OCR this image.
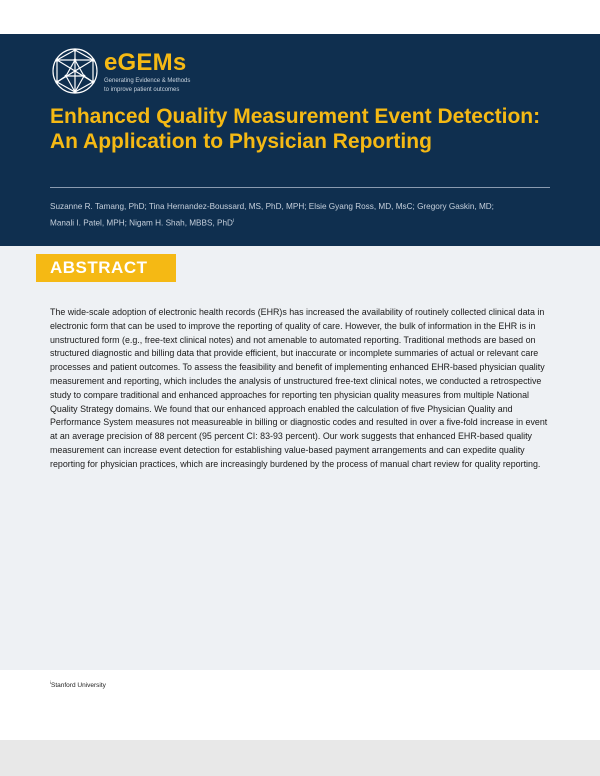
eGEMs
Generating Evidence & Methods
to improve patient outcomes
Enhanced Quality Measurement Event Detection: An Application to Physician Reporting

Suzanne R. Tamang, PhD; Tina Hernandez-Boussard, MS, PhD, MPH; Elsie Gyang Ross, MD, MsC; Gregory Gaskin, MD;
Manali I. Patel, MPH; Nigam H. Shah, MBBS, PhD$^i$

ABSTRACT

The wide-scale adoption of electronic health records (EHR)s has increased the availability of routinely collected clinical data in electronic form that can be used to improve the reporting of quality of care. However, the bulk of information in the EHR is in unstructured form (e.g., free-text clinical notes) and not amenable to automated reporting. Traditional methods are based on structured diagnostic and billing data that provide efficient, but inaccurate or incomplete summaries of actual or relevant care processes and patient outcomes. To assess the feasibility and benefit of implementing enhanced EHR-based physician quality measurement and reporting, which includes the analysis of unstructured free-text clinical notes, we conducted a retrospective study to compare traditional and enhanced approaches for reporting ten physician quality measures from multiple National Quality Strategy domains. We found that our enhanced approach enabled the calculation of five Physician Quality and Performance System measures not measureable in billing or diagnostic codes and resulted in over a five-fold increase in event at an average precision of 88 percent (95 percent CI: 83-93 percent). Our work suggests that enhanced EHR-based quality measurement can increase event detection for establishing value-based payment arrangements and can expedite quality reporting for physician practices, which are increasingly burdened by the process of manual chart review for quality reporting.

$^i$Stanford University
